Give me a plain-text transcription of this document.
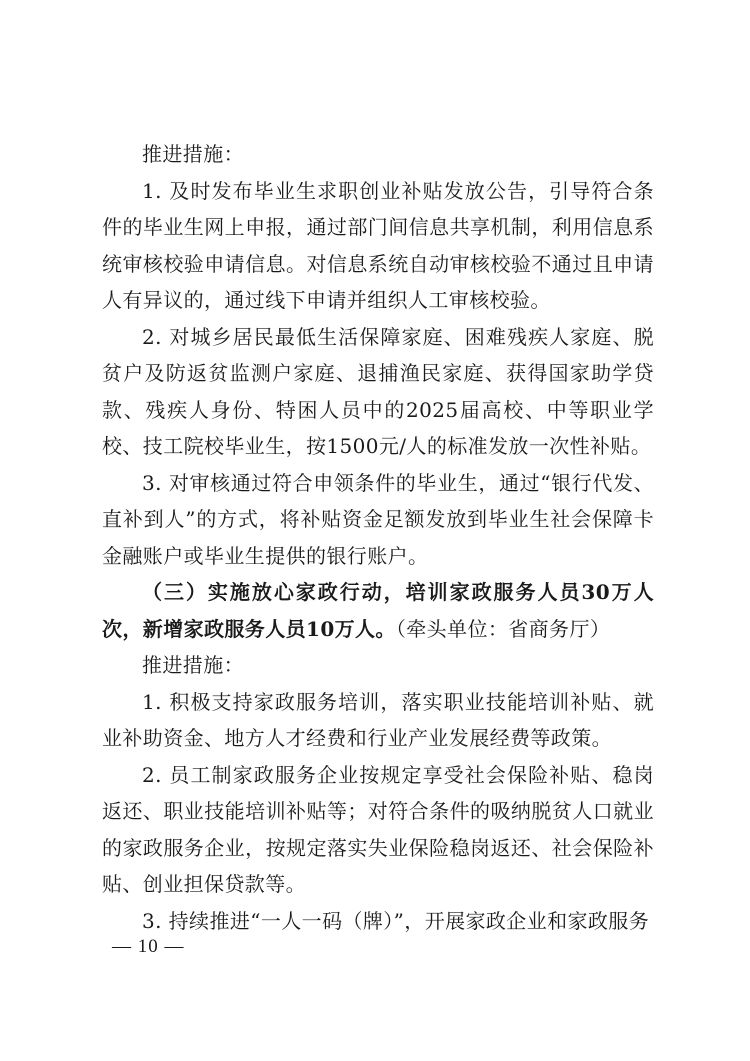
推进措施：

1. 及时发布毕业生求职创业补贴发放公告，引导符合条件的毕业生网上申报，通过部门间信息共享机制，利用信息系统审核校验申请信息。对信息系统自动审核校验不通过且申请人有异议的，通过线下申请并组织人工审核校验。

2. 对城乡居民最低生活保障家庭、困难残疾人家庭、脱贫户及防返贫监测户家庭、退捕渔民家庭、获得国家助学贷款、残疾人身份、特困人员中的2025届高校、中等职业学校、技工院校毕业生，按1500元/人的标准发放一次性补贴。

3. 对审核通过符合申领条件的毕业生，通过“银行代发、直补到人”的方式，将补贴资金足额发放到毕业生社会保障卡金融账户或毕业生提供的银行账户。

（三）实施放心家政行动，培训家政服务人员30万人次，新增家政服务人员10万人。（牵头单位：省商务厅）

推进措施：

1. 积极支持家政服务培训，落实职业技能培训补贴、就业补助资金、地方人才经费和行业产业发展经费等政策。

2. 员工制家政服务企业按规定享受社会保险补贴、稳岗返还、职业技能培训补贴等；对符合条件的吸纳脱贫人口就业的家政服务企业，按规定落实失业保险稳岗返还、社会保险补贴、创业担保贷款等。

3. 持续推进“一人一码（牌）”，开展家政企业和家政服务

— 10 —
